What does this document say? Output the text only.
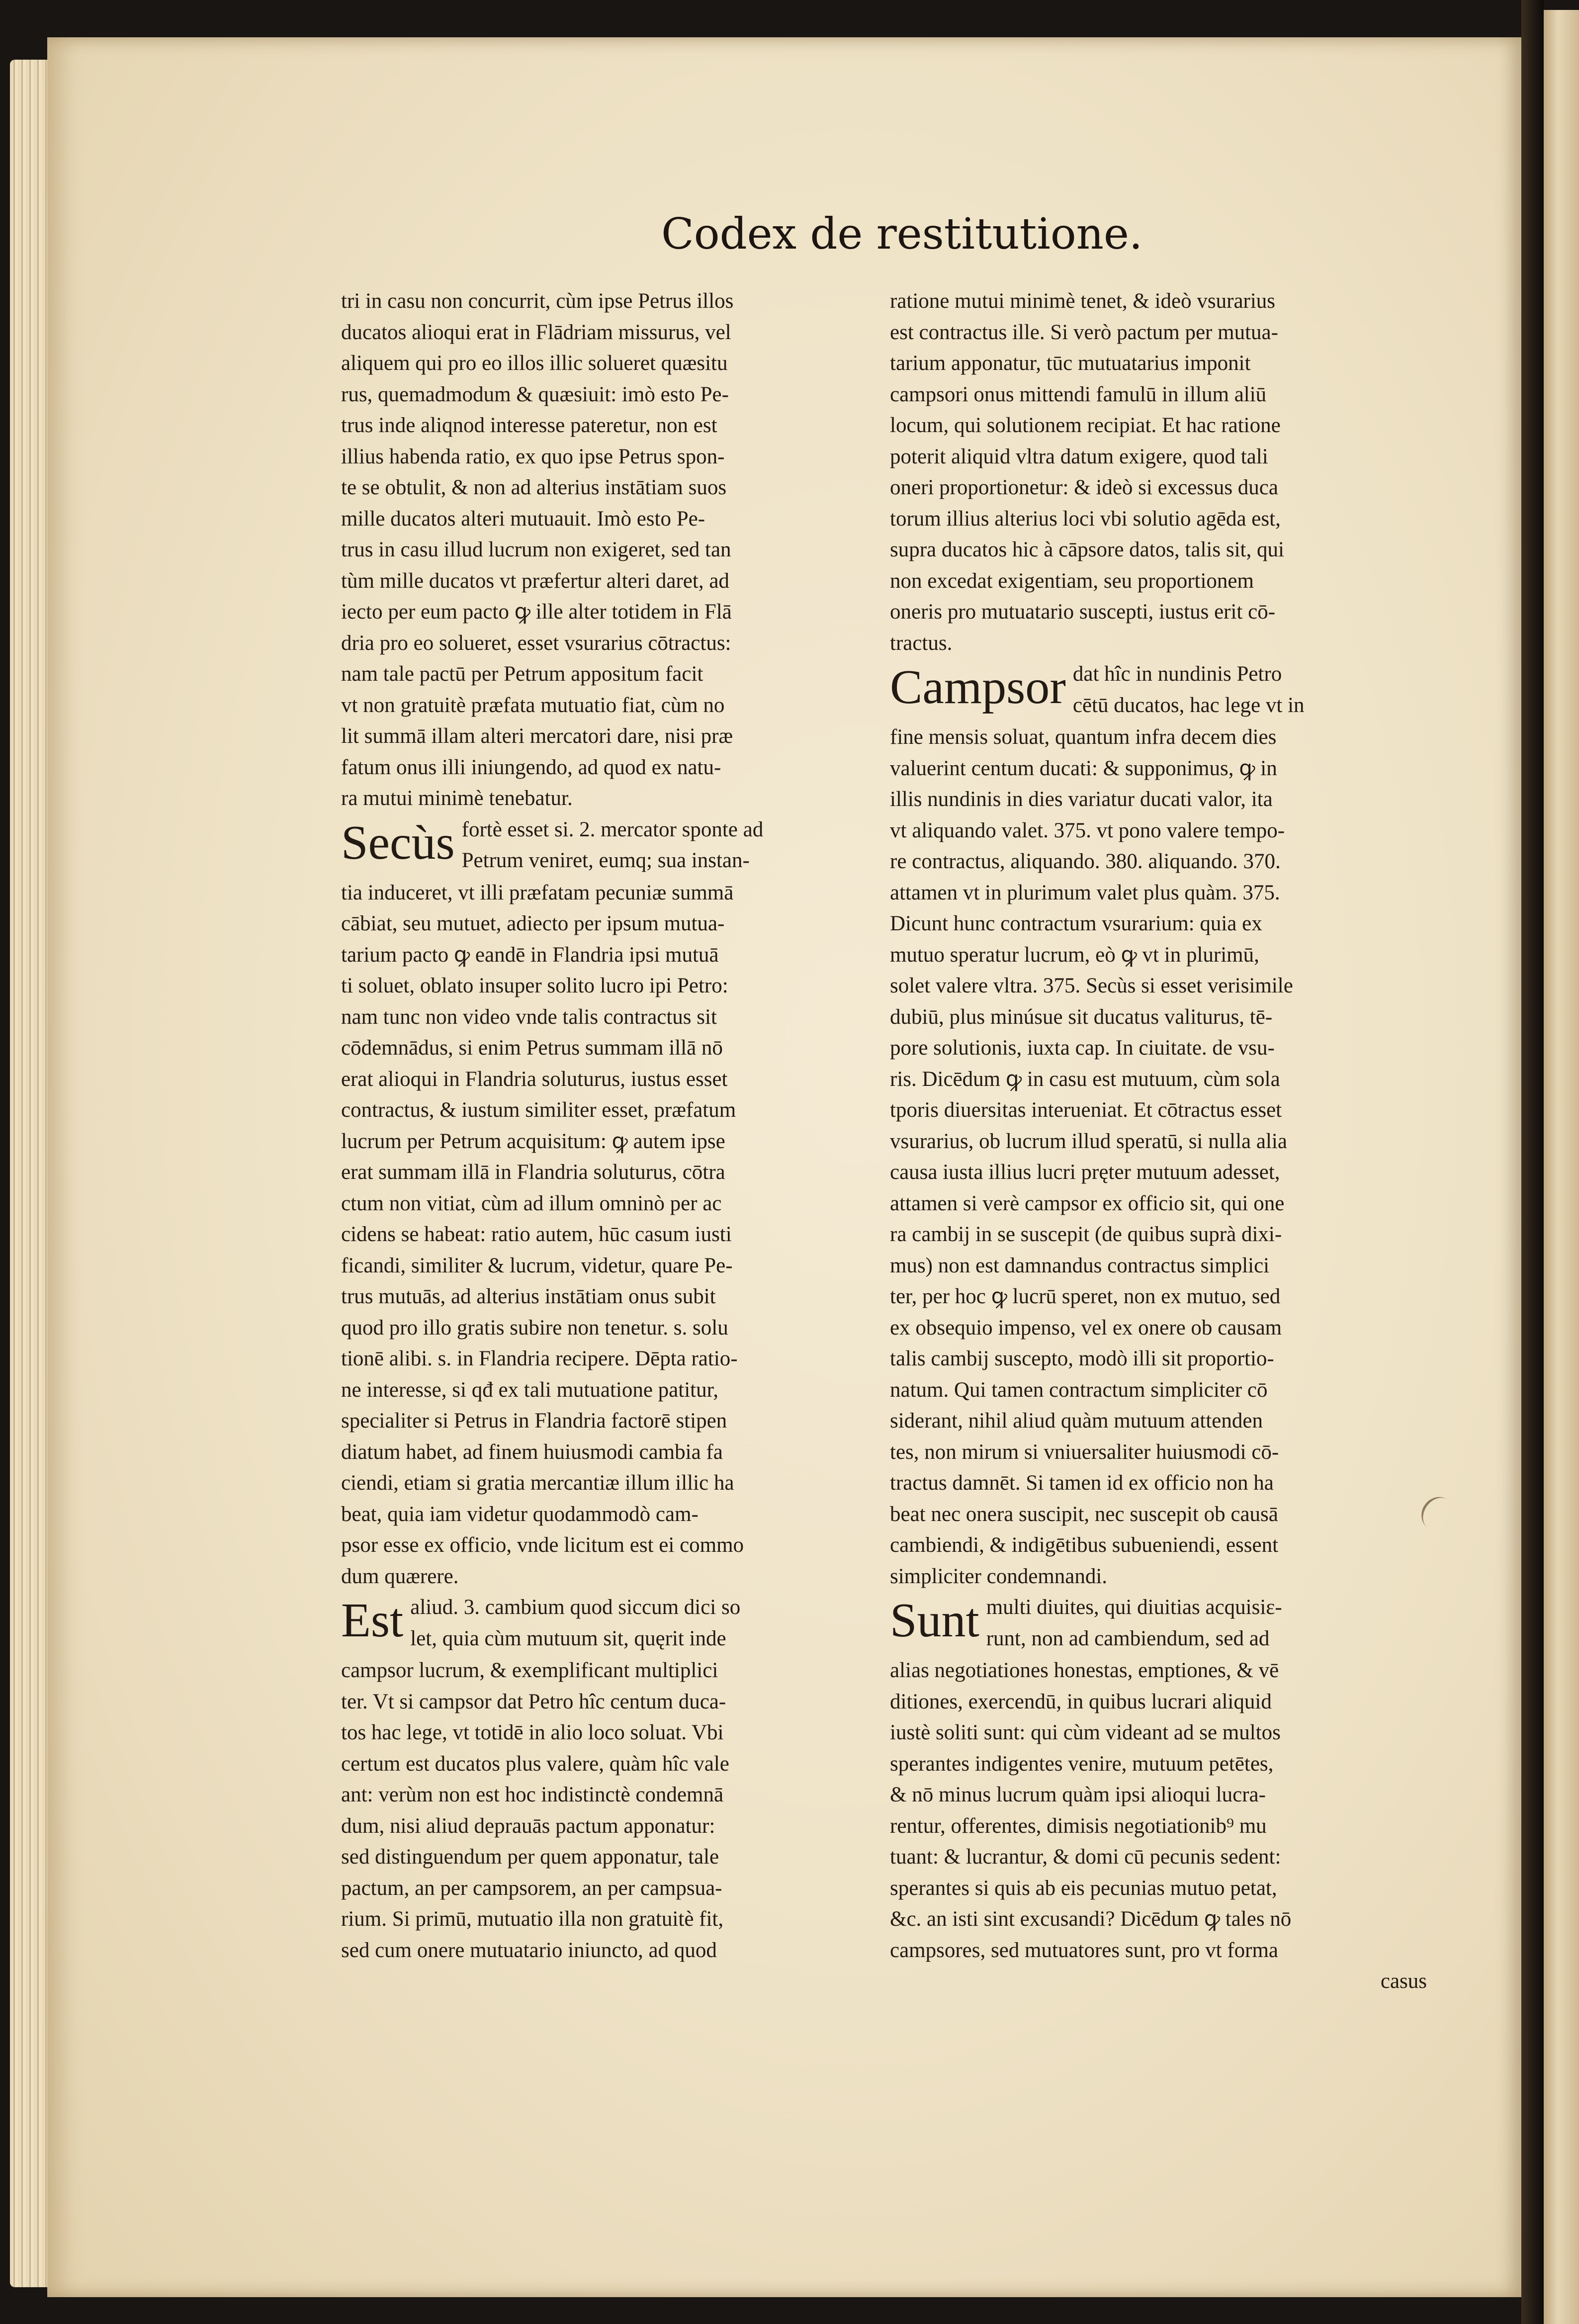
Codex de restitutione.
tri in casu non concurrit, cùm ipse Petrus illos
ducatos alioqui erat in Flādriam missurus, vel
aliquem qui pro eo illos illic solueret quæsitu
rus, quemadmodum & quæsiuit: imò esto Pe-
trus inde aliqnod interesse pateretur, non est
illius habenda ratio, ex quo ipse Petrus spon-
te se obtulit, & non ad alterius instātiam suos
mille ducatos alteri mutuauit. Imò esto Pe-
trus in casu illud lucrum non exigeret, sed tan
tùm mille ducatos vt præfertur alteri daret, ad
iecto per eum pacto ꝙ ille alter totidem in Flā
dria pro eo solueret, esset vsurarius cōtractus:
nam tale pactū per Petrum appositum facit
vt non gratuitè præfata mutuatio fiat, cùm no
lit summā illam alteri mercatori dare, nisi præ
fatum onus illi iniungendo, ad quod ex natu-
ra mutui minimè tenebatur.
Secùs fortè esset si. 2. mercator sponte ad
Petrum veniret, eumq; sua instan-
tia induceret, vt illi præfatam pecuniæ summā
cābiat, seu mutuet, adiecto per ipsum mutua-
tarium pacto ꝙ eandē in Flandria ipsi mutuā
ti soluet, oblato insuper solito lucro ipi Petro:
nam tunc non video vnde talis contractus sit
cōdemnādus, si enim Petrus summam illā nō
erat alioqui in Flandria soluturus, iustus esset
contractus, & iustum similiter esset, præfatum
lucrum per Petrum acquisitum: ꝙ autem ipse
erat summam illā in Flandria soluturus, cōtra
ctum non vitiat, cùm ad illum omninò per ac
cidens se habeat: ratio autem, hūc casum iusti
ficandi, similiter & lucrum, videtur, quare Pe-
trus mutuās, ad alterius instātiam onus subit
quod pro illo gratis subire non tenetur. s. solu
tionē alibi. s. in Flandria recipere. Dēpta ratio-
ne interesse, si qđ ex tali mutuatione patitur,
specialiter si Petrus in Flandria factorē stipen
diatum habet, ad finem huiusmodi cambia fa
ciendi, etiam si gratia mercantiæ illum illic ha
beat, quia iam videtur quodammodò cam-
psor esse ex officio, vnde licitum est ei commo
dum quærere.
Est aliud. 3. cambium quod siccum dici so
let, quia cùm mutuum sit, quęrit inde
campsor lucrum, & exemplificant multiplici
ter. Vt si campsor dat Petro hîc centum duca-
tos hac lege, vt totidē in alio loco soluat. Vbi
certum est ducatos plus valere, quàm hîc vale
ant: verùm non est hoc indistinctè condemnā
dum, nisi aliud deprauās pactum apponatur:
sed distinguendum per quem apponatur, tale
pactum, an per campsorem, an per campsua-
rium. Si primū, mutuatio illa non gratuitè fit,
sed cum onere mutuatario iniuncto, ad quod
ratione mutui minimè tenet, & ideò vsurarius
est contractus ille. Si verò pactum per mutua-
tarium apponatur, tūc mutuatarius imponit
campsori onus mittendi famulū in illum aliū
locum, qui solutionem recipiat. Et hac ratione
poterit aliquid vltra datum exigere, quod tali
oneri proportionetur: & ideò si excessus duca
torum illius alterius loci vbi solutio agēda est,
supra ducatos hic à cāpsore datos, talis sit, qui
non excedat exigentiam, seu proportionem
oneris pro mutuatario suscepti, iustus erit cō-
tractus.
Campsor dat hîc in nundinis Petro
cētū ducatos, hac lege vt in
fine mensis soluat, quantum infra decem dies
valuerint centum ducati: & supponimus, ꝙ in
illis nundinis in dies variatur ducati valor, ita
vt aliquando valet. 375. vt pono valere tempo-
re contractus, aliquando. 380. aliquando. 370.
attamen vt in plurimum valet plus quàm. 375.
Dicunt hunc contractum vsurarium: quia ex
mutuo speratur lucrum, eò ꝙ vt in plurimū,
solet valere vltra. 375. Secùs si esset verisimile
dubiū, plus minúsue sit ducatus valiturus, tē-
pore solutionis, iuxta cap. In ciuitate. de vsu-
ris. Dicēdum ꝙ in casu est mutuum, cùm sola
tporis diuersitas interueniat. Et cōtractus esset
vsurarius, ob lucrum illud speratū, si nulla alia
causa iusta illius lucri pręter mutuum adesset,
attamen si verè campsor ex officio sit, qui one
ra cambij in se suscepit (de quibus suprà dixi-
mus) non est damnandus contractus simplici
ter, per hoc ꝙ lucrū speret, non ex mutuo, sed
ex obsequio impenso, vel ex onere ob causam
talis cambij suscepto, modò illi sit proportio-
natum. Qui tamen contractum simpliciter cō
siderant, nihil aliud quàm mutuum attenden
tes, non mirum si vniuersaliter huiusmodi cō-
tractus damnēt. Si tamen id ex officio non ha
beat nec onera suscipit, nec suscepit ob causā
cambiendi, & indigētibus subueniendi, essent
simpliciter condemnandi.
Sunt multi diuites, qui diuitias acquisiε-
runt, non ad cambiendum, sed ad
alias negotiationes honestas, emptiones, & vē
ditiones, exercendū, in quibus lucrari aliquid
iustè soliti sunt: qui cùm videant ad se multos
sperantes indigentes venire, mutuum petētes,
& nō minus lucrum quàm ipsi alioqui lucra-
rentur, offerentes, dimisis negotiationib⁹ mu
tuant: & lucrantur, & domi cū pecunis sedent:
sperantes si quis ab eis pecunias mutuo petat,
&c. an isti sint excusandi? Dicēdum ꝙ tales nō
campsores, sed mutuatores sunt, pro vt forma
casus
